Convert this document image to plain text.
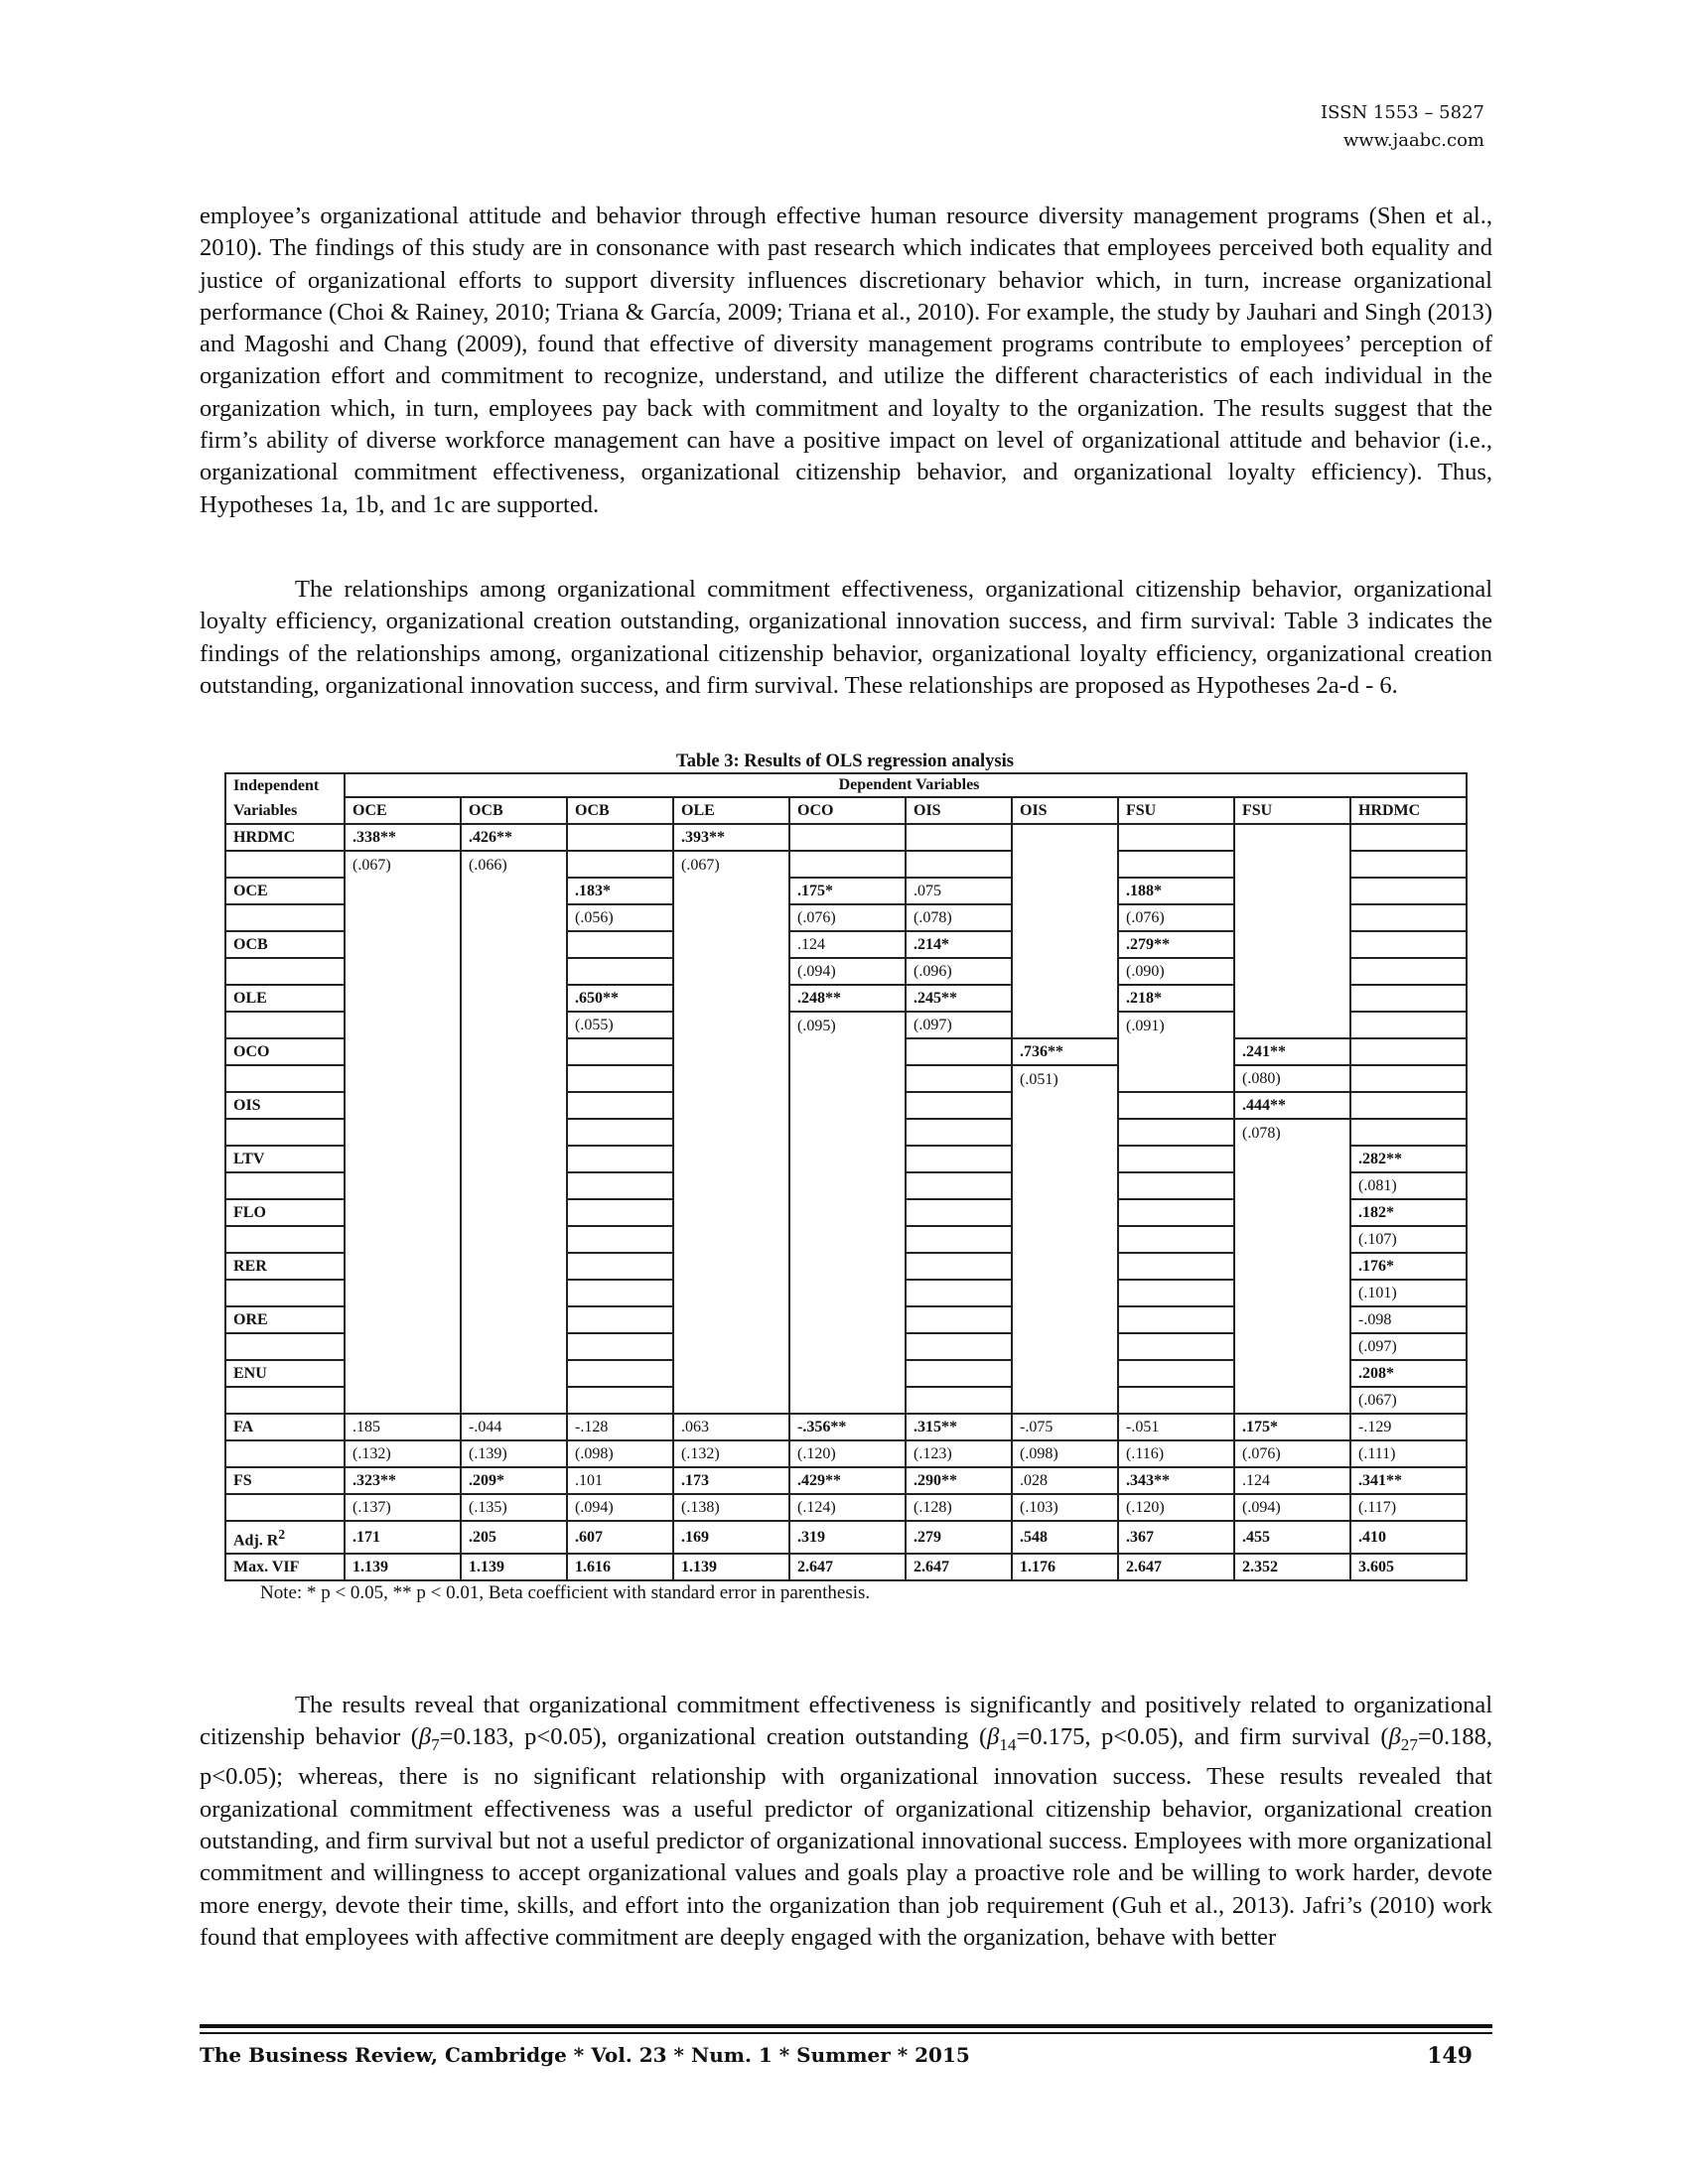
ISSN 1553 – 5827
www.jaabc.com

employee’s organizational attitude and behavior through effective human resource diversity management programs (Shen et al., 2010). The findings of this study are in consonance with past research which indicates that employees perceived both equality and justice of organizational efforts to support diversity influences discretionary behavior which, in turn, increase organizational performance (Choi & Rainey, 2010; Triana & García, 2009; Triana et al., 2010). For example, the study by Jauhari and Singh (2013) and Magoshi and Chang (2009), found that effective of diversity management programs contribute to employees’ perception of organization effort and commitment to recognize, understand, and utilize the different characteristics of each individual in the organization which, in turn, employees pay back with commitment and loyalty to the organization. The results suggest that the firm’s ability of diverse workforce management can have a positive impact on level of organizational attitude and behavior (i.e., organizational commitment effectiveness, organizational citizenship behavior, and organizational loyalty efficiency). Thus, Hypotheses 1a, 1b, and 1c are supported.

The relationships among organizational commitment effectiveness, organizational citizenship behavior, organizational loyalty efficiency, organizational creation outstanding, organizational innovation success, and firm survival: Table 3 indicates the findings of the relationships among, organizational citizenship behavior, organizational loyalty efficiency, organizational creation outstanding, organizational innovation success, and firm survival. These relationships are proposed as Hypotheses 2a-d - 6.

Table 3: Results of OLS regression analysis
Independent	Dependent Variables									
Variables	OCE	OCB	OCB	OLE	OCO	OIS	OIS	FSU	FSU	HRDMC
HRDMC	.338**	.426**		.393**						
	(.067)	(.066)		(.067)						
OCE			.183*		.175*	.075		.188*		
			(.056)		(.076)	(.078)		(.076)		
OCB					.124	.214*		.279**		
					(.094)	(.096)		(.090)		
OLE			.650**		.248**	.245**		.218*		
			(.055)		(.095)	(.097)		(.091)		
OCO							.736**		.241**	
							(.051)		(.080)	
OIS									.444**	
									(.078)	
LTV										.282**
										(.081)
FLO										.182*
										(.107)
RER										.176*
										(.101)
ORE										-.098
										(.097)
ENU										.208*
										(.067)
FA	.185	-.044	-.128	.063	-.356**	.315**	-.075	-.051	.175*	-.129
	(.132)	(.139)	(.098)	(.132)	(.120)	(.123)	(.098)	(.116)	(.076)	(.111)
FS	.323**	.209*	.101	.173	.429**	.290**	.028	.343**	.124	.341**
	(.137)	(.135)	(.094)	(.138)	(.124)	(.128)	(.103)	(.120)	(.094)	(.117)
Adj. $R^2$	.171	.205	.607	.169	.319	.279	.548	.367	.455	.410
Max. VIF	1.139	1.139	1.616	1.139	2.647	2.647	1.176	2.647	2.352	3.605
Note: * p < 0.05, ** p < 0.01, Beta coefficient with standard error in parenthesis.

The results reveal that organizational commitment effectiveness is significantly and positively related to organizational citizenship behavior ($\beta_7=0.183$, p<0.05), organizational creation outstanding ($\beta_{14}=0.175$, p<0.05), and firm survival ($\beta_{27}=0.188$, p<0.05); whereas, there is no significant relationship with organizational innovation success. These results revealed that organizational commitment effectiveness was a useful predictor of organizational citizenship behavior, organizational creation outstanding, and firm survival but not a useful predictor of organizational innovational success. Employees with more organizational commitment and willingness to accept organizational values and goals play a proactive role and be willing to work harder, devote more energy, devote their time, skills, and effort into the organization than job requirement (Guh et al., 2013). Jafri’s (2010) work found that employees with affective commitment are deeply engaged with the organization, behave with better

The Business Review, Cambridge * Vol. 23 * Num. 1 * Summer * 2015	149
